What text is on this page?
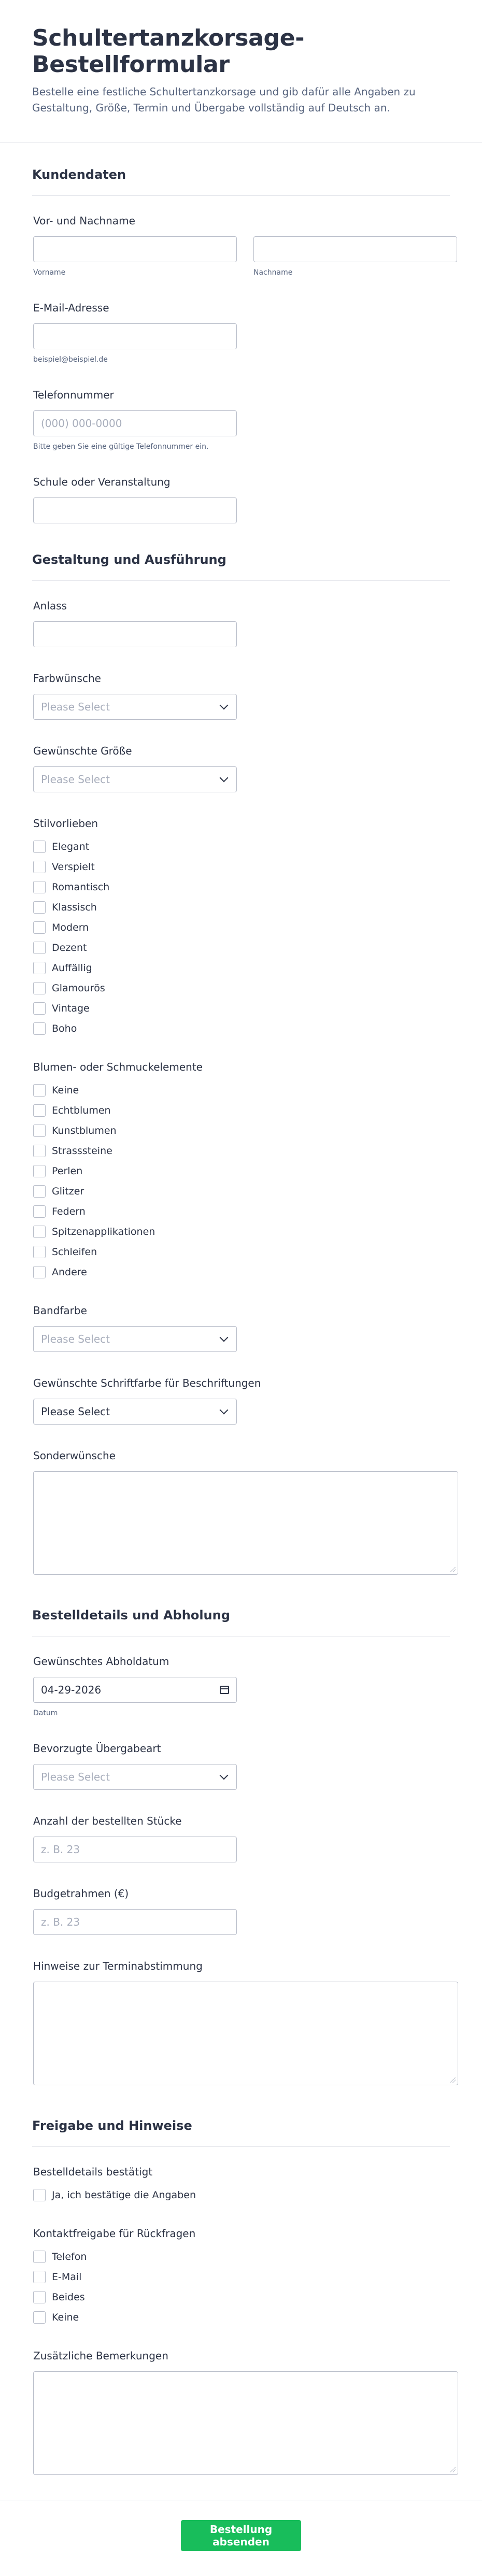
Schultertanzkorsage-Bestellformular

Bestelle eine festliche Schultertanzkorsage und gib dafür alle Angaben zu Gestaltung, Größe, Termin und Übergabe vollständig auf Deutsch an.

Kundendaten
Vor- und Nachname
Vorname	Nachname
E-Mail-Adresse
beispiel@beispiel.de
Telefonnummer
(000) 000-0000
Bitte geben Sie eine gültige Telefonnummer ein.
Schule oder Veranstaltung
Gestaltung und Ausführung
Anlass
Farbwünsche
Please Select
Gewünschte Größe
Please Select
Stilvorlieben
Elegant
Verspielt
Romantisch
Klassisch
Modern
Dezent
Auffällig
Glamourös
Vintage
Boho
Blumen- oder Schmuckelemente
Keine
Echtblumen
Kunstblumen
Strasssteine
Perlen
Glitzer
Federn
Spitzenapplikationen
Schleifen
Andere
Bandfarbe
Please Select
Gewünschte Schriftfarbe für Beschriftungen
Please Select
Sonderwünsche
Bestelldetails und Abholung
Gewünschtes Abholdatum
04-29-2026
Datum
Bevorzugte Übergabeart
Please Select
Anzahl der bestellten Stücke
z. B. 23
Budgetrahmen (€)
z. B. 23
Hinweise zur Terminabstimmung
Freigabe und Hinweise
Bestelldetails bestätigt
Ja, ich bestätige die Angaben
Kontaktfreigabe für Rückfragen
Telefon
E-Mail
Beides
Keine
Zusätzliche Bemerkungen
Bestellung absenden
